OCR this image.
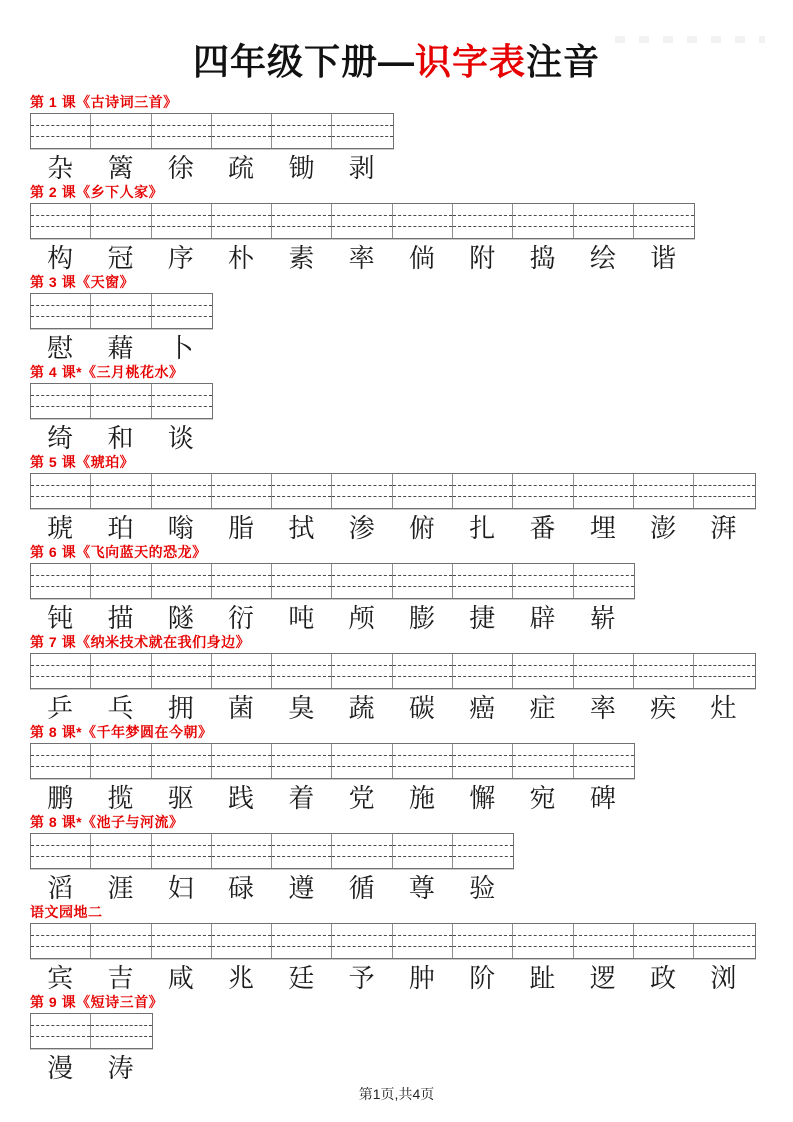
四年级下册—识字表注音
第 1 课《古诗词三首》
杂	篱	徐	疏	锄	剥
第 2 课《乡下人家》
构	冠	序	朴	素	率	倘	附	捣	绘	谐
第 3 课《天窗》
慰	藉	卜
第 4 课*《三月桃花水》
绮	和	谈
第 5 课《琥珀》
琥	珀	嗡	脂	拭	渗	俯	扎	番	埋	澎	湃
第 6 课《飞向蓝天的恐龙》
钝	描	隧	衍	吨	颅	膨	捷	辟	崭
第 7 课《纳米技术就在我们身边》
乒	乓	拥	菌	臭	蔬	碳	癌	症	率	疾	灶
第 8 课*《千年梦圆在今朝》
鹏	揽	驱	践	着	党	施	懈	宛	碑
第 8 课*《池子与河流》
滔	涯	妇	碌	遵	循	尊	验
语文园地二
宾	吉	咸	兆	廷	予	肿	阶	趾	逻	政	浏
第 9 课《短诗三首》
漫	涛
第1页,共4页
